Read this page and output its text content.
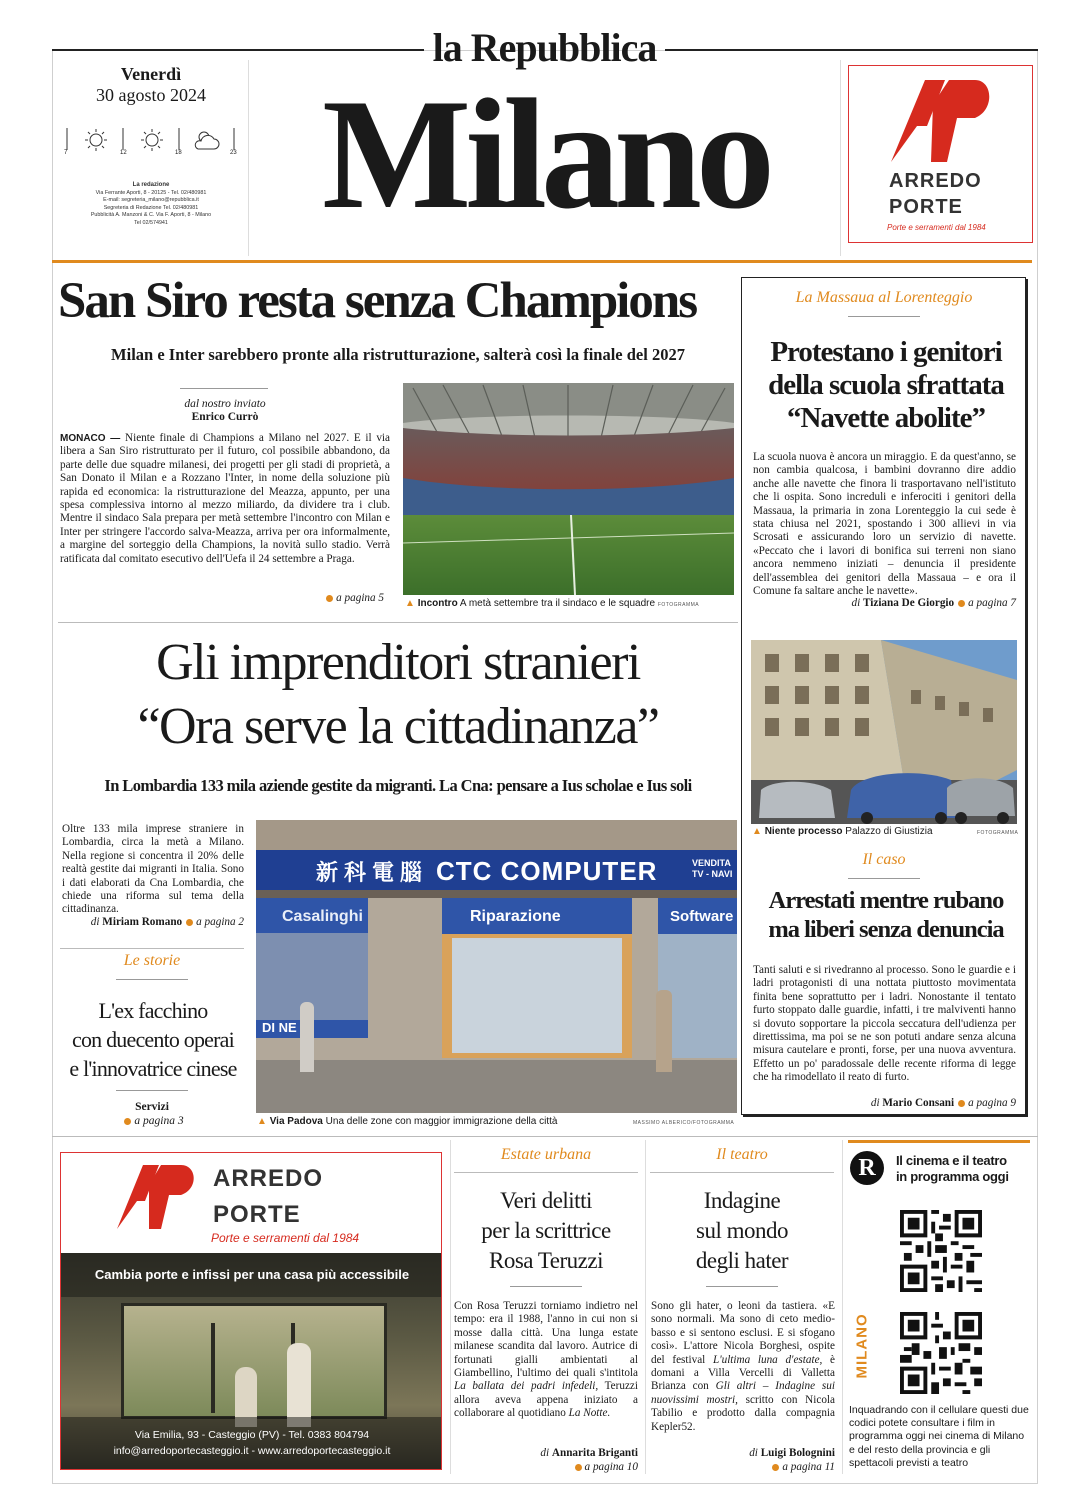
la Repubblica
Milano
Venerdì
30 agosto 2024
7	12	18	23
La redazione
Via Ferrante Aporti, 8 - 20125 - Tel. 02/480981
E-mail: segreteria_milano@repubblica.it
Segreteria di Redazione Tel. 02/480981
Pubblicità A. Manzoni & C. Via F. Aporti, 8 - Milano
Tel 02/574941
ARREDO
PORTE
Porte e serramenti dal 1984
San Siro resta senza Champions
Milan e Inter sarebbero pronte alla ristrutturazione, salterà così la finale del 2027
dal nostro inviato
Enrico Currò
MONACO — Niente finale di Champions a Milano nel 2027. E il via libera a San Siro ristrutturato per il futuro, col possibile abbandono, da parte delle due squadre milanesi, dei progetti per gli stadi di proprietà, a San Donato il Milan e a Rozzano l'Inter, in nome della soluzione più rapida ed economica: la ristrutturazione del Meazza, appunto, per una spesa complessiva intorno al mezzo miliardo, da dividere tra i club. Mentre il sindaco Sala prepara per metà settembre l'incontro con Milan e Inter per stringere l'accordo salva-Meazza, arriva per ora informalmente, a margine del sorteggio della Champions, la novità sullo stadio. Verrà ratificata dal comitato esecutivo dell'Uefa il 24 settembre a Praga.
a pagina 5 ▲ Incontro A metà settembre tra il sindaco e le squadre FOTOGRAMMA
Gli imprenditori stranieri
“Ora serve la cittadinanza”
In Lombardia 133 mila aziende gestite da migranti. La Cna: pensare a Ius scholae e Ius soli
Oltre 133 mila imprese straniere in Lombardia, circa la metà a Milano. Nella regione si concentra il 20% delle realtà gestite dai migranti in Italia. Sono i dati elaborati da Cna Lombardia, che chiede una riforma sul tema della cittadinanza.
di Miriam Romano a pagina 2
新科電腦 CTC COMPUTER	VENDITA
TV - NAVI
Casalinghi	Riparazione	Software
DI NE
▲ Via Padova Una delle zone con maggior immigrazione della città	MASSIMO ALBERICO/FOTOGRAMMA
Le storie
L'ex facchino
con duecento operai
e l'innovatrice cinese
Servizi
a pagina 3
La Massaua al Lorenteggio
Protestano i genitori
della scuola sfrattata
“Navette abolite”
La scuola nuova è ancora un miraggio. E da quest'anno, se non cambia qualcosa, i bambini dovranno dire addio anche alle navette che finora li trasportavano nell'istituto che li ospita. Sono increduli e inferociti i genitori della Massaua, la primaria in zona Lorenteggio la cui sede è stata chiusa nel 2021, spostando i 300 allievi in via Scrosati e assicurando loro un servizio di navette. «Peccato che i lavori di bonifica sui terreni non siano ancora nemmeno iniziati – denuncia il presidente dell'assemblea dei genitori della Massaua – e ora il Comune fa saltare anche le navette».
di Tiziana De Giorgio a pagina 7
▲ Niente processo Palazzo di Giustizia	FOTOGRAMMA
Il caso
Arrestati mentre rubano
ma liberi senza denuncia
Tanti saluti e si rivedranno al processo. Sono le guardie e i ladri protagonisti di una nottata piuttosto movimentata finita bene soprattutto per i ladri. Nonostante il tentato furto stoppato dalle guardie, infatti, i tre malviventi hanno si dovuto sopportare la piccola seccatura dell'udienza per direttissima, ma poi se ne son potuti andare senza alcuna misura cautelare e pronti, forse, per una nuova avventura. Effetto un po' paradossale delle recente riforma di legge che ha rimodellato il reato di furto.
di Mario Consani a pagina 9
ARREDO
PORTE
Porte e serramenti dal 1984
Cambia porte e infissi per una casa più accessibile
Via Emilia, 93 - Casteggio (PV) - Tel. 0383 804794
info@arredoportecasteggio.it - www.arredoportecasteggio.it
Estate urbana
Veri delitti
per la scrittrice
Rosa Teruzzi
Con Rosa Teruzzi torniamo indietro nel tempo: era il 1988, l'anno in cui non si mosse dalla città. Una lunga estate milanese scandita dal lavoro. Autrice di fortunati gialli ambientati al Giambellino, l'ultimo dei quali s'intitola La ballata dei padri infedeli, Teruzzi allora aveva appena iniziato a collaborare al quotidiano La Notte.
di Annarita Briganti
a pagina 10
Il teatro
Indagine
sul mondo
degli hater
Sono gli hater, o leoni da tastiera. «E sono normali. Ma sono di ceto medio-basso e si sentono esclusi. E si sfogano così». L'attore Nicola Borghesi, ospite del festival L'ultima luna d'estate, è domani a Villa Vercelli di Valletta Brianza con Gli altri – Indagine sui nuovissimi mostri, scritto con Nicola Tabilio e prodotto dalla compagnia Kepler52.
di Luigi Bolognini
a pagina 11
R	Il cinema e il teatro
in programma oggi
MILANO
Inquadrando con il cellulare questi due codici potete consultare i film in programma oggi nei cinema di Milano e del resto della provincia e gli spettacoli previsti a teatro
